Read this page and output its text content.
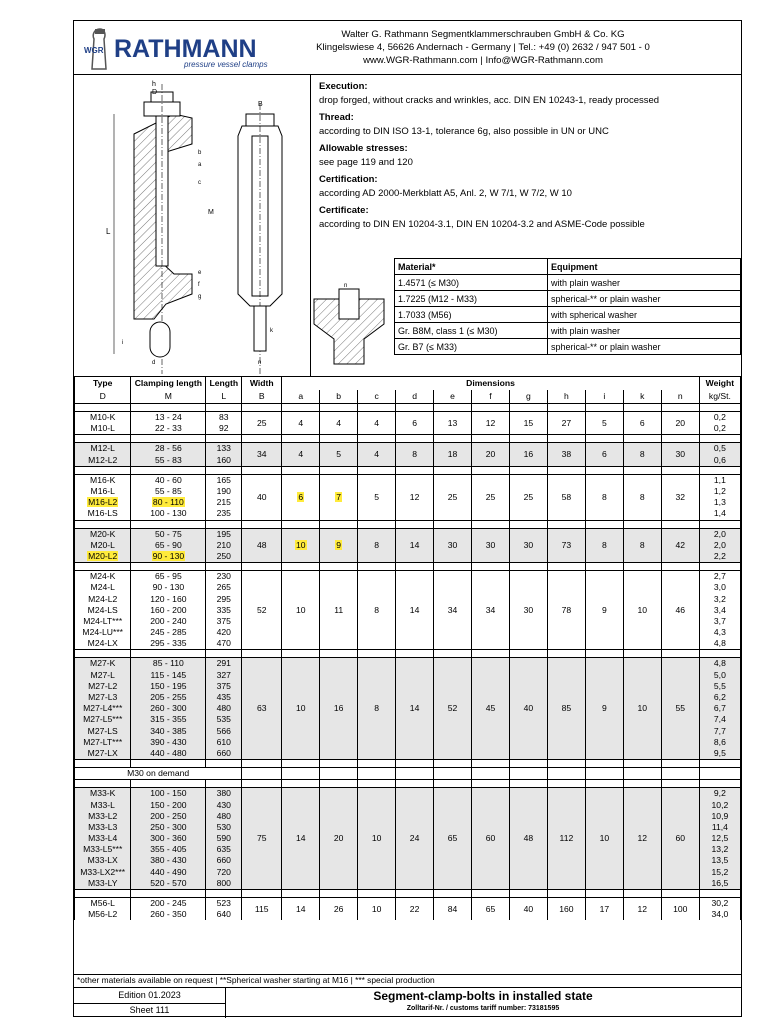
WGR RATHMANN
pressure vessel clamps
Walter G. Rathmann Segmentklammerschrauben GmbH & Co. KG
Klingelswiese 4, 56626 Andernach - Germany | Tel.: +49 (0) 2632 / 947 501 - 0
www.WGR-Rathmann.com | Info@WGR-Rathmann.com
L
h
D
M
b
a
c
e
f
g
i
d
B
k
n
n

Execution:
drop forged, without cracks and wrinkles, acc. DIN EN 10243-1, ready processed

Thread:
according to DIN ISO 13-1, tolerance 6g, also possible in UN or UNC

Allowable stresses:
see page 119 and 120

Certification:
according AD 2000-Merkblatt A5, Anl. 2, W 7/1, W 7/2, W 10

Certificate:
according to DIN EN 10204-3.1, DIN EN 10204-3.2 and ASME-Code possible

Material*	Equipment
1.4571 (≤ M30)	with plain washer
1.7225 (M12 - M33)	spherical-** or plain washer
1.7033 (M56)	with spherical washer
Gr. B8M, class 1 (≤ M30)	with plain washer
Gr. B7 (≤ M33)	spherical-** or plain washer
Type	Clamping length	Length	Width	Dimensions											Weight
D	M	L	B	a	b	c	d	e	f	g	h	i	k	n	kg/St.

M10-K	13 - 24	83	25	4	4	4	6	13	12	15	27	5	6	20	0,2
M10-L	22 - 33	92													0,2

M12-L	28 - 56	133	34	4	5	4	8	18	20	16	38	6	8	30	0,5
M12-L2	55 - 83	160													0,6

M16-K	40 - 60	165	40	6	7	5	12	25	25	25	58	8	8	32	1,1
M16-L	55 - 85	190													1,2
M16-L2	80 - 110	215													1,3
M16-LS	100 - 130	235													1,4

M20-K	50 - 75	195	48	10	9	8	14	30	30	30	73	8	8	42	2,0
M20-L	65 - 90	210													2,0
M20-L2	90 - 130	250													2,2

M24-K	65 - 95	230	52	10	11	8	14	34	34	30	78	9	10	46	2,7
M24-L	90 - 130	265													3,0
M24-L2	120 - 160	295													3,2
M24-LS	160 - 200	335													3,4
M24-LT***	200 - 240	375													3,7
M24-LU***	245 - 285	420													4,3
M24-LX	295 - 335	470													4,8

M27-K	85 - 110	291	63	10	16	8	14	52	45	40	85	9	10	55	4,8
M27-L	115 - 145	327													5,0
M27-L2	150 - 195	375													5,5
M27-L3	205 - 255	435													6,2
M27-L4***	260 - 300	480													6,7
M27-L5***	315 - 355	535													7,4
M27-LS	340 - 385	566													7,7
M27-LT***	390 - 430	610													8,6
M27-LX	440 - 480	660													9,5

M30 on demand															

M33-K	100 - 150	380	75	14	20	10	24	65	60	48	112	10	12	60	9,2
M33-L	150 - 200	430													10,2
M33-L2	200 - 250	480													10,9
M33-L3	250 - 300	530													11,4
M33-L4	300 - 360	590													12,5
M33-L5***	355 - 405	635													13,2
M33-LX	380 - 430	660													13,5
M33-LX2***	440 - 490	720													15,2
M33-LY	520 - 570	800													16,5

M56-L	200 - 245	523	115	14	26	10	22	84	65	40	160	17	12	100	30,2
M56-L2	260 - 350	640													34,0
*other materials available on request | **Spherical washer starting at M16 | *** special production
Edition 01.2023
Sheet 111
Segment-clamp-bolts in installed state
Zolltarif-Nr. / customs tariff number: 73181595
